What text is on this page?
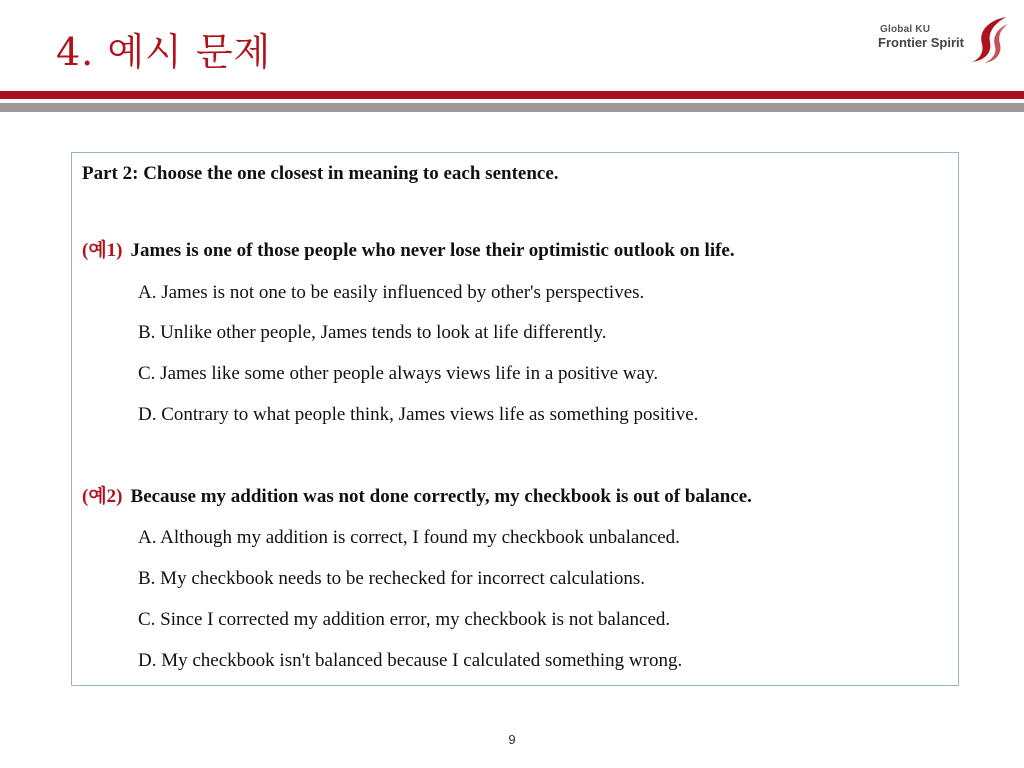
4. 예시 문제
Global KU
Frontier Spirit
Part 2: Choose the one closest in meaning to each sentence.
(예1) James is one of those people who never lose their optimistic outlook on life.
A. James is not one to be easily influenced by other's perspectives.
B. Unlike other people, James tends to look at life differently.
C. James like some other people always views life in a positive way.
D. Contrary to what people think, James views life as something positive.
(예2) Because my addition was not done correctly, my checkbook is out of balance.
A. Although my addition is correct, I found my checkbook unbalanced.
B. My checkbook needs to be rechecked for incorrect calculations.
C. Since I corrected my addition error, my checkbook is not balanced.
D. My checkbook isn't balanced because I calculated something wrong.
9
